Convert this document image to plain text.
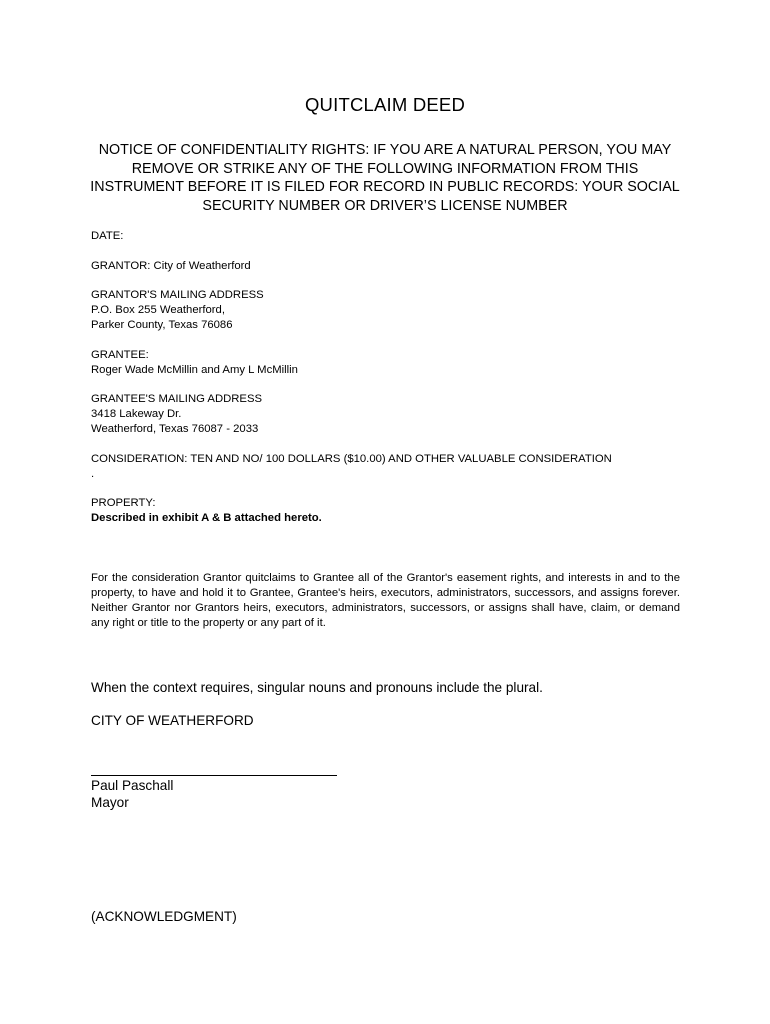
QUITCLAIM DEED
NOTICE OF CONFIDENTIALITY RIGHTS: IF YOU ARE A NATURAL PERSON, YOU MAY REMOVE OR STRIKE ANY OF THE FOLLOWING INFORMATION FROM THIS INSTRUMENT BEFORE IT IS FILED FOR RECORD IN PUBLIC RECORDS: YOUR SOCIAL SECURITY NUMBER OR DRIVER’S LICENSE NUMBER
DATE:
GRANTOR: City of Weatherford
GRANTOR'S MAILING ADDRESS
P.O. Box 255 Weatherford,
Parker County, Texas 76086
GRANTEE:
Roger Wade McMillin and Amy L McMillin
GRANTEE'S MAILING ADDRESS
3418 Lakeway Dr.
Weatherford, Texas 76087 - 2033
CONSIDERATION: TEN AND NO/ 100 DOLLARS ($10.00) AND OTHER VALUABLE CONSIDERATION
.
PROPERTY:
Described in exhibit A & B attached hereto.
For the consideration Grantor quitclaims to Grantee all of the Grantor's easement rights, and interests in and to the property, to have and hold it to Grantee, Grantee's heirs, executors, administrators, successors, and assigns forever. Neither Grantor nor Grantors heirs, executors, administrators, successors, or assigns shall have, claim, or demand any right or title to the property or any part of it.
When the context requires, singular nouns and pronouns include the plural.
CITY OF WEATHERFORD
Paul Paschall
Mayor
(ACKNOWLEDGMENT)
